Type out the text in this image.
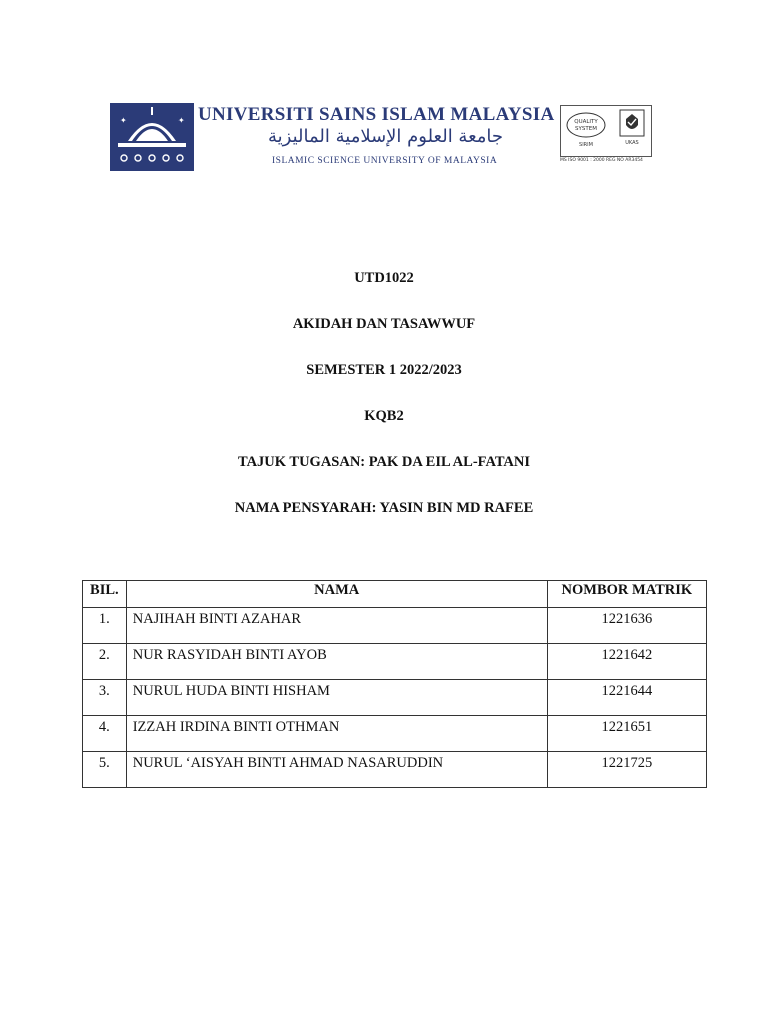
✦	✦ UNIVERSITI SAINS ISLAM MALAYSIA
جامعة العلوم الإسلامية الماليزية
ISLAMIC SCIENCE UNIVERSITY OF MALAYSIA
QUALITY
SYSTEM
SIRIM	UKAS
MS ISO 9001 : 2000 REG NO AR3454
UTD1022
AKIDAH DAN TASAWWUF
SEMESTER 1 2022/2023
KQB2
TAJUK TUGASAN: PAK DA EIL AL-FATANI
NAMA PENSYARAH: YASIN BIN MD RAFEE
BIL.	NAMA	NOMBOR MATRIK
1.	NAJIHAH BINTI AZAHAR	1221636
2.	NUR RASYIDAH BINTI AYOB	1221642
3.	NURUL HUDA BINTI HISHAM	1221644
4.	IZZAH IRDINA BINTI OTHMAN	1221651
5.	NURUL ‘AISYAH BINTI AHMAD NASARUDDIN	1221725
